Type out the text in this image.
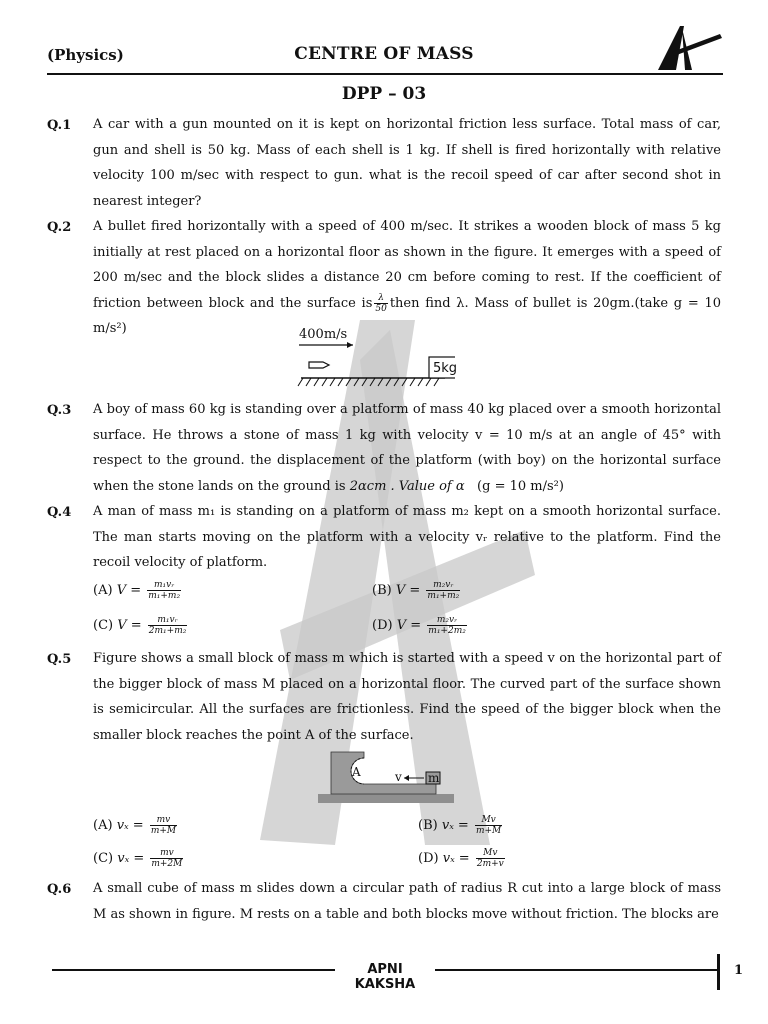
(Physics)	CENTRE OF MASS
DPP – 03
Q.1 A car with a gun mounted on it is kept on horizontal friction less surface. Total mass of car, gun and shell is 50 kg. Mass of each shell is 1 kg. If shell is fired horizontally with relative velocity 100 m/sec with respect to gun. what is the recoil speed of car after second shot in nearest integer?
Q.2 A bullet fired horizontally with a speed of 400 m/sec. It strikes a wooden block of mass 5 kg initially at rest placed on a horizontal floor as shown in the figure. It emerges with a speed of 200 m/sec and the block slides a distance 20 cm before coming to rest. If the coefficient of friction between block and the surface is $\frac{\lambda}{50}$ then find λ. Mass of bullet is 20gm.(take g = 10 m/s²)	400m/s
5kg
Q.3 A boy of mass 60 kg is standing over a platform of mass 40 kg placed over a smooth horizontal surface. He throws a stone of mass 1 kg with velocity v = 10 m/s at an angle of 45° with respect to the ground. the displacement of the platform (with boy) on the horizontal surface when the stone lands on the ground is 2αcm . Value of α (g = 10 m/s²)
Q.4 A man of mass m₁ is standing on a platform of mass m₂ kept on a smooth horizontal surface. The man starts moving on the platform with a velocity vᵣ relative to the platform. Find the recoil velocity of platform.
(A) $V = \frac{\text{m₁vᵣ}}{\text{m₁+m₂}}$	(B) $V = \frac{\text{m₂vᵣ}}{\text{m₁+m₂}}$
(C) $V = \frac{\text{m₁vᵣ}}{\text{2m₁+m₂}}$	(D) $V = \frac{\text{m₂vᵣ}}{\text{m₁+2m₂}}$
Q.5 Figure shows a small block of mass m which is started with a speed v on the horizontal part of the bigger block of mass M placed on a horizontal floor. The curved part of the surface shown is semicircular. All the surfaces are frictionless. Find the speed of the bigger block when the smaller block reaches the point A of the surface.
A	v m
(A) $v_x = \frac{mv}{m+M}$	(B) $v_x = \frac{Mv}{m+M}$
(C) $v_x = \frac{mv}{m+2M}$	(D) $v_x = \frac{Mv}{2m+v}$
Q.6 A small cube of mass m slides down a circular path of radius R cut into a large block of mass M as shown in figure. M rests on a table and both blocks move without friction. The blocks are
APNI KAKSHA
1
